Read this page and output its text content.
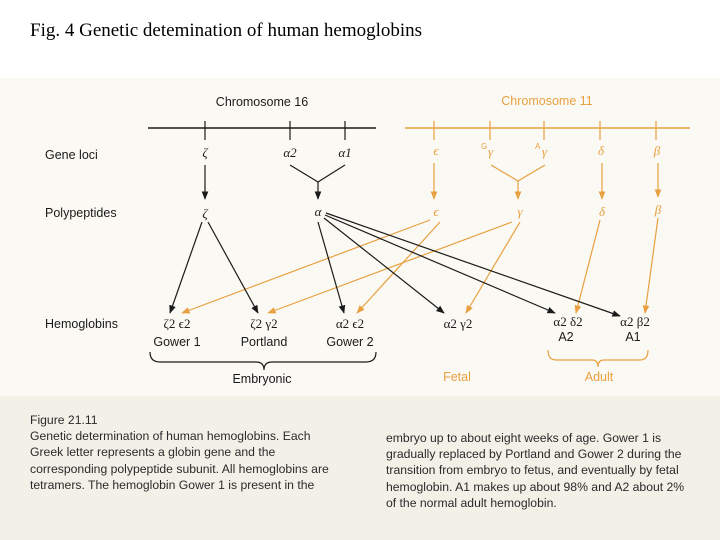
Fig. 4 Genetic detemination of human hemoglobins
Chromosome 16	Chromosome 11
Gene loci
Polypeptides
Hemoglobins
ζ	α2	α1	ϵ	G γ	A γ	δ	β
ζ	α	ϵ	γ	δ	β
ζ2 ϵ2	ζ2 γ2	α2 ϵ2	α2 γ2	α2 δ2	α2 β2
Gower 1	Portland	Gower 2	A2	A1
Embryonic	Fetal	Adult
Figure 21.11
Genetic determination of human hemoglobins. Each
Greek letter represents a globin gene and the
corresponding polypeptide subunit. All hemoglobins are
tetramers. The hemoglobin Gower 1 is present in the
embryo up to about eight weeks of age. Gower 1 is
gradually replaced by Portland and Gower 2 during the
transition from embryo to fetus, and eventually by fetal
hemoglobin. A1 makes up about 98% and A2 about 2%
of the normal adult hemoglobin.
